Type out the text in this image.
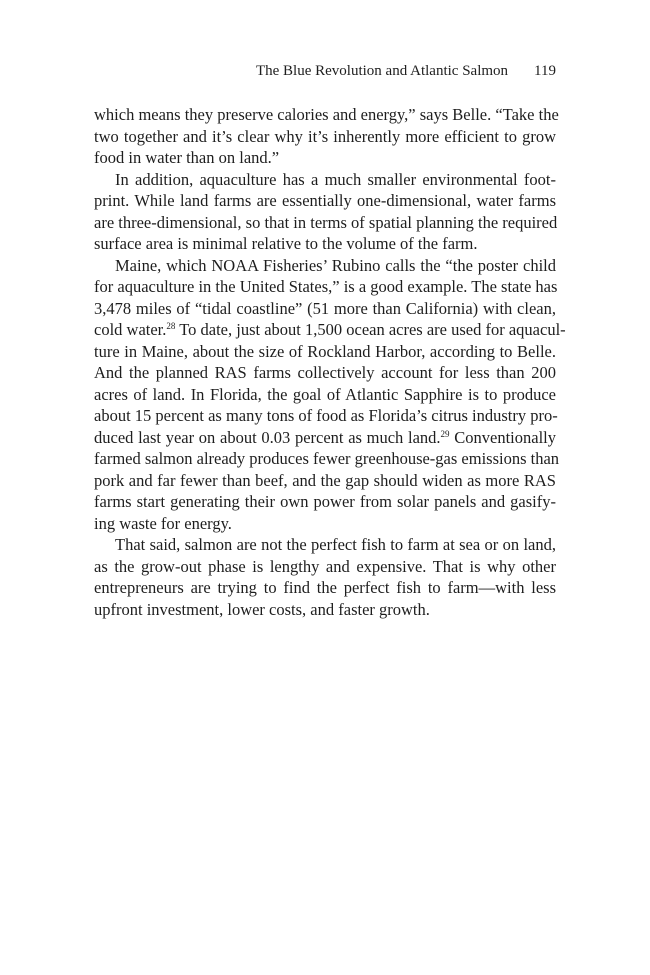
The Blue Revolution and Atlantic Salmon 119
which means they preserve calories and energy,” says Belle. “Take the
two together and it’s clear why it’s inherently more efficient to grow
food in water than on land.”
In addition, aquaculture has a much smaller environmental foot-
print. While land farms are essentially one-dimensional, water farms
are three-dimensional, so that in terms of spatial planning the required
surface area is minimal relative to the volume of the farm.
Maine, which NOAA Fisheries’ Rubino calls the “the poster child
for aquaculture in the United States,” is a good example. The state has
3,478 miles of “tidal coastline” (51 more than California) with clean,
cold water.$^{28}$ To date, just about 1,500 ocean acres are used for aquacul-
ture in Maine, about the size of Rockland Harbor, according to Belle.
And the planned RAS farms collectively account for less than 200
acres of land. In Florida, the goal of Atlantic Sapphire is to produce
about 15 percent as many tons of food as Florida’s citrus industry pro-
duced last year on about 0.03 percent as much land.$^{29}$ Conventionally
farmed salmon already produces fewer greenhouse-gas emissions than
pork and far fewer than beef, and the gap should widen as more RAS
farms start generating their own power from solar panels and gasify-
ing waste for energy.
That said, salmon are not the perfect fish to farm at sea or on land,
as the grow-out phase is lengthy and expensive. That is why other
entrepreneurs are trying to find the perfect fish to farm—with less
upfront investment, lower costs, and faster growth.
